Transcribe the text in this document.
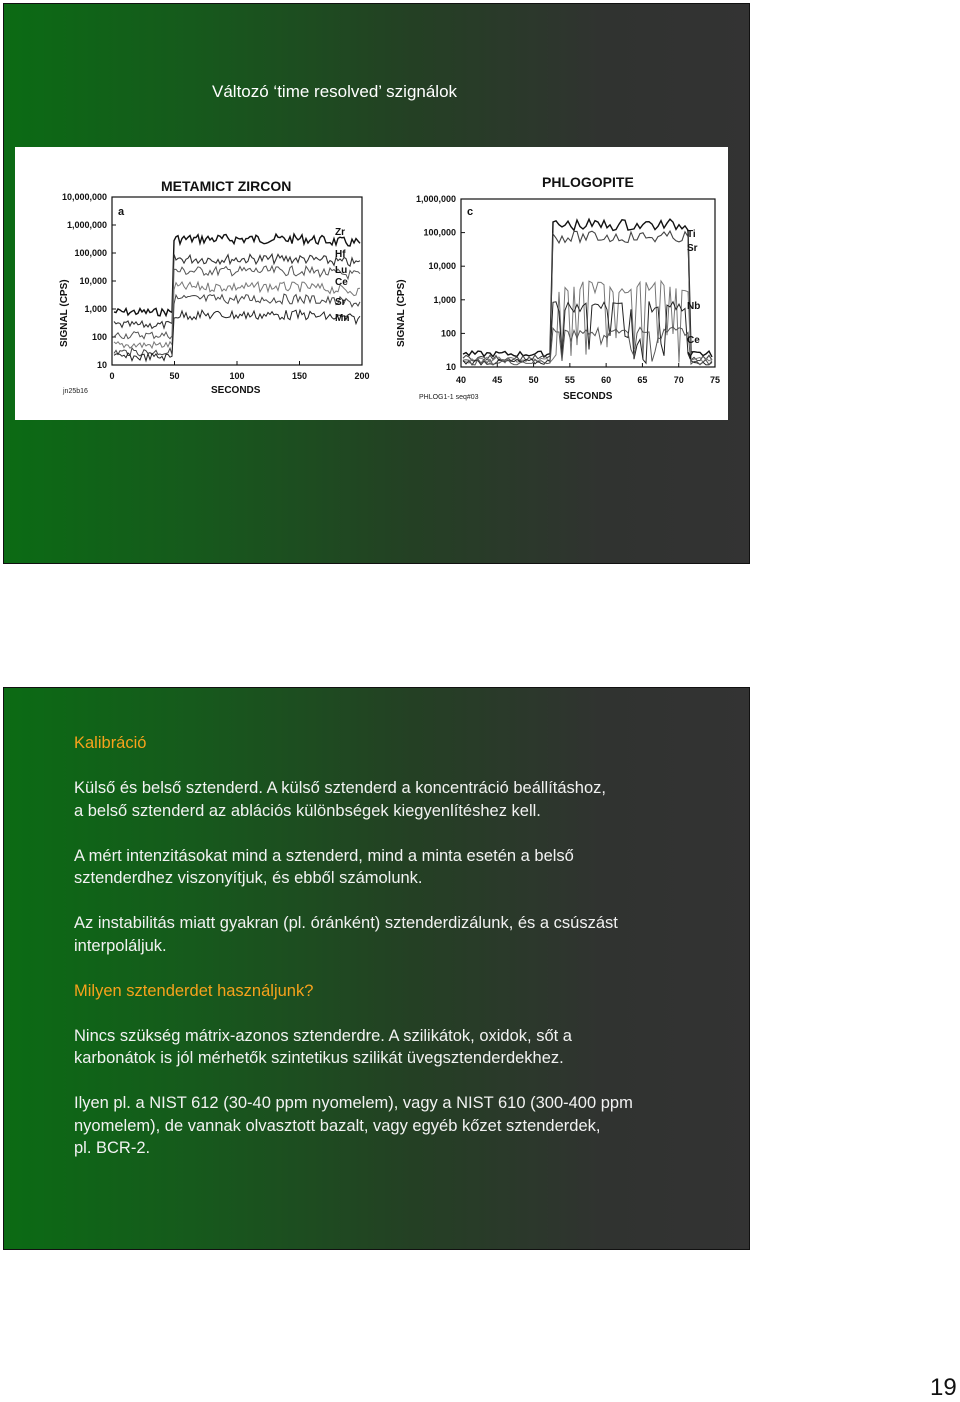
Változó ‘time resolved’ szignálok
METAMICT ZIRCON
a
10,000,000
1,000,000
100,000
10,000
1,000
100
10
0	50	100	150	200
SIGNAL (CPS)
SECONDS
jn25b16
Zr
Hf
Lu
Ce
Sr
Mn
PHLOGOPITE
c
1,000,000
100,000
10,000
1,000
100
10
40	45	50	55	60	65	70	75
SIGNAL (CPS)
SECONDS
PHLOG1-1 seq#03
Ti
Sr
Nb
Ce
Y

Kalibráció

Külső és belső sztenderd. A külső sztenderd a koncentráció beállításhoz,
a belső sztenderd az ablációs különbségek kiegyenlítéshez kell.

A mért intenzitásokat mind a sztenderd, mind a minta esetén a belső
sztenderdhez viszonyítjuk, és ebből számolunk.

Az instabilitás miatt gyakran (pl. óránként) sztenderdizálunk, és a csúszást
interpoláljuk.

Milyen sztenderdet használjunk?

Nincs szükség mátrix-azonos sztenderdre. A szilikátok, oxidok, sőt a
karbonátok is jól mérhetők szintetikus szilikát üvegsztenderdekhez.

Ilyen pl. a NIST 612 (30-40 ppm nyomelem), vagy a NIST 610 (300-400 ppm
nyomelem), de vannak olvasztott bazalt, vagy egyéb kőzet sztenderdek,
pl. BCR-2.

19
